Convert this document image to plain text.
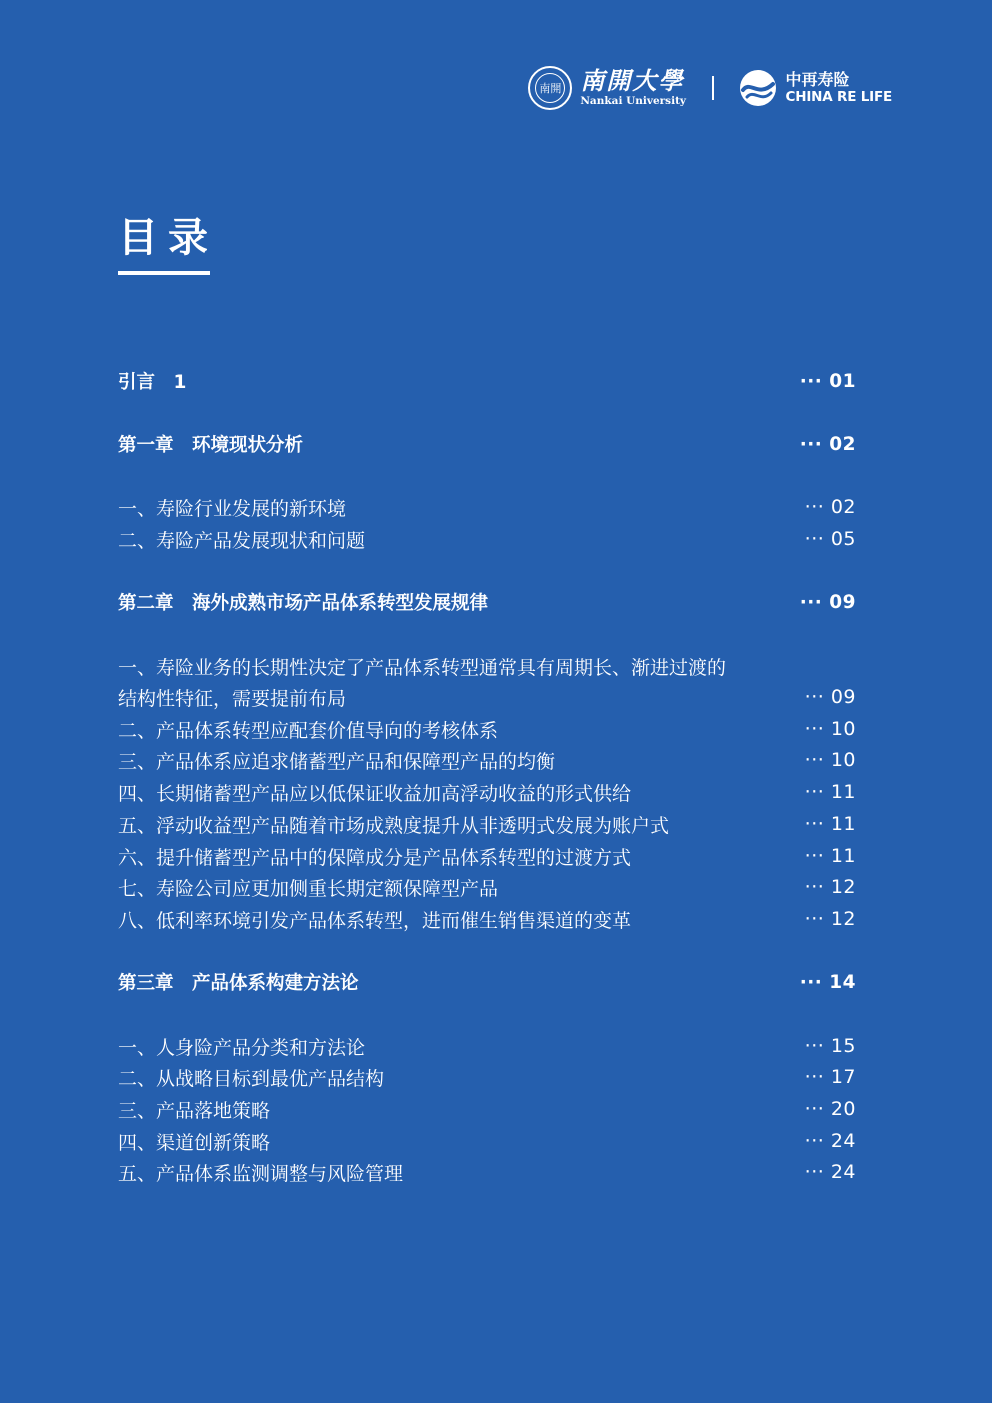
南開 南開大學
Nankai University
中再寿险
CHINA RE LIFE
目录
引言　1	··· 01
第一章　环境现状分析	··· 02
一、寿险行业发展的新环境	··· 02
二、寿险产品发展现状和问题	··· 05
第二章　海外成熟市场产品体系转型发展规律	··· 09
一、寿险业务的长期性决定了产品体系转型通常具有周期长、渐进过渡的
结构性特征，需要提前布局	··· 09
二、产品体系转型应配套价值导向的考核体系	··· 10
三、产品体系应追求储蓄型产品和保障型产品的均衡	··· 10
四、长期储蓄型产品应以低保证收益加高浮动收益的形式供给	··· 11
五、浮动收益型产品随着市场成熟度提升从非透明式发展为账户式	··· 11
六、提升储蓄型产品中的保障成分是产品体系转型的过渡方式	··· 11
七、寿险公司应更加侧重长期定额保障型产品	··· 12
八、低利率环境引发产品体系转型，进而催生销售渠道的变革	··· 12
第三章　产品体系构建方法论	··· 14
一、人身险产品分类和方法论	··· 15
二、从战略目标到最优产品结构	··· 17
三、产品落地策略	··· 20
四、渠道创新策略	··· 24
五、产品体系监测调整与风险管理	··· 24
